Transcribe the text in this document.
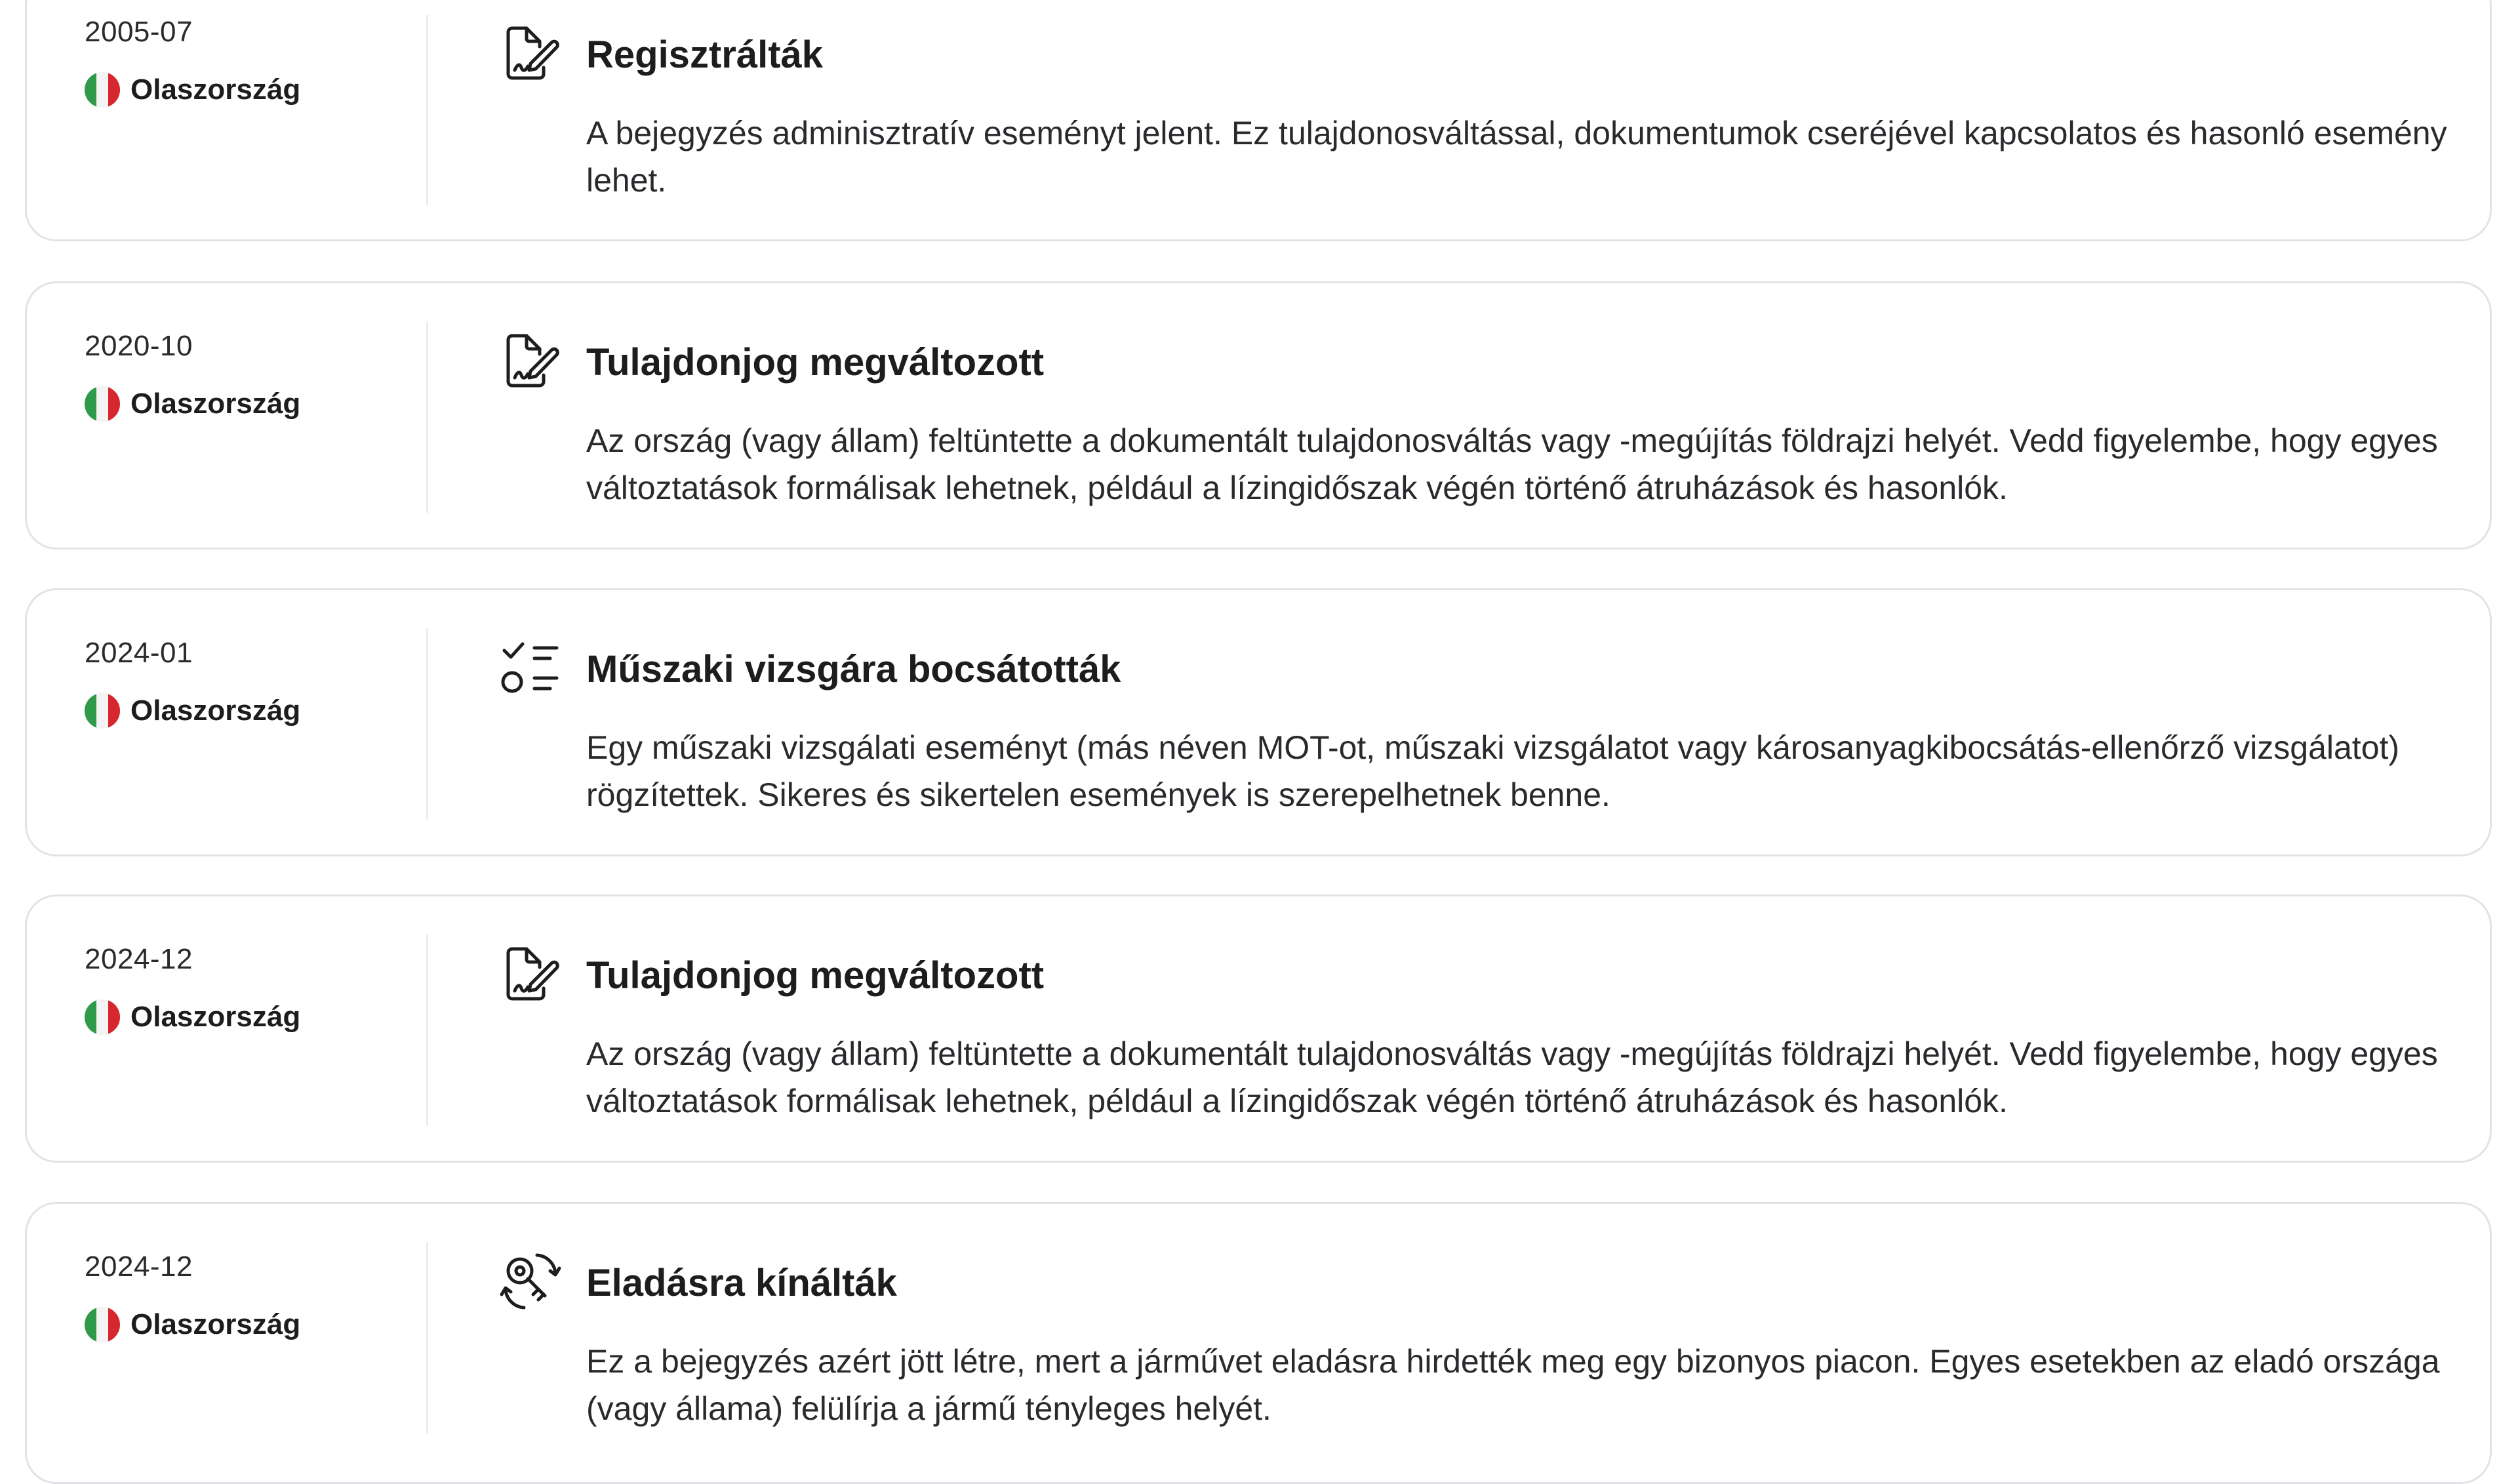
2005-07
Olaszország
Regisztrálták
A bejegyzés adminisztratív eseményt jelent. Ez tulajdonosváltással, dokumentumok cseréjével kapcsolatos és hasonló esemény lehet.
2020-10
Olaszország
Tulajdonjog megváltozott
Az ország (vagy állam) feltüntette a dokumentált tulajdonosváltás vagy -megújítás földrajzi helyét. Vedd figyelembe, hogy egyes változtatások formálisak lehetnek, például a lízingidőszak végén történő átruházások és hasonlók.
2024-01
Olaszország
Műszaki vizsgára bocsátották
Egy műszaki vizsgálati eseményt (más néven MOT-ot, műszaki vizsgálatot vagy károsanyagkibocsátás-ellenőrző vizsgálatot) rögzítettek. Sikeres és sikertelen események is szerepelhetnek benne.
2024-12
Olaszország
Tulajdonjog megváltozott
Az ország (vagy állam) feltüntette a dokumentált tulajdonosváltás vagy -megújítás földrajzi helyét. Vedd figyelembe, hogy egyes változtatások formálisak lehetnek, például a lízingidőszak végén történő átruházások és hasonlók.
2024-12
Olaszország
Eladásra kínálták
Ez a bejegyzés azért jött létre, mert a járművet eladásra hirdették meg egy bizonyos piacon. Egyes esetekben az eladó országa (vagy állama) felülírja a jármű tényleges helyét.
